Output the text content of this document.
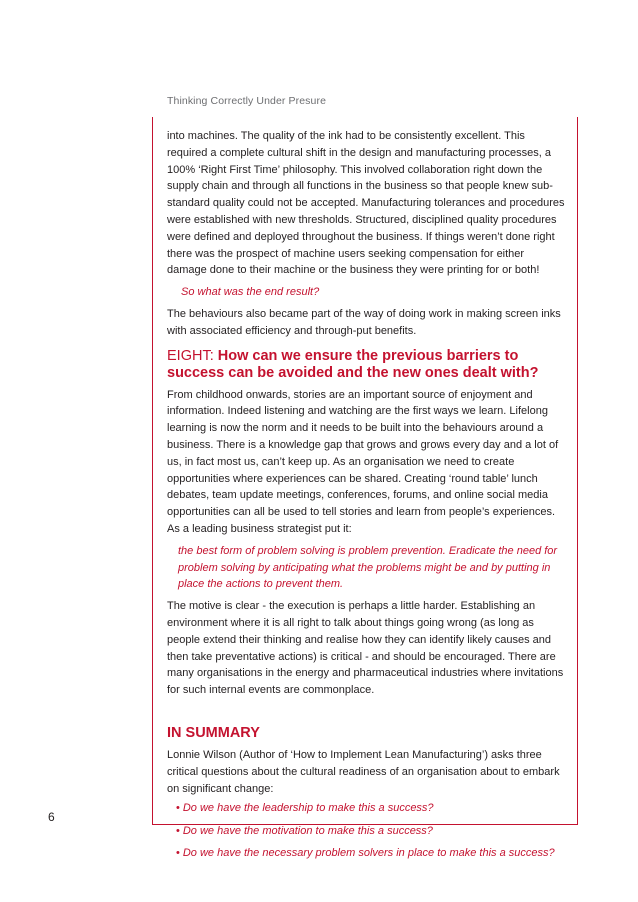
Thinking Correctly Under Presure

into machines. The quality of the ink had to be consistently excellent. This required a complete cultural shift in the design and manufacturing processes, a 100% ‘Right First Time’ philosophy. This involved collaboration right down the supply chain and through all functions in the business so that people knew sub-standard quality could not be accepted. Manufacturing tolerances and procedures were established with new thresholds. Structured, disciplined quality procedures were defined and deployed throughout the business. If things weren’t done right there was the prospect of machine users seeking compensation for either damage done to their machine or the business they were printing for or both!

So what was the end result?

The behaviours also became part of the way of doing work in making screen inks with associated efficiency and through-put benefits.

EIGHT: How can we ensure the previous barriers to success can be avoided and the new ones dealt with?

From childhood onwards, stories are an important source of enjoyment and information. Indeed listening and watching are the first ways we learn. Lifelong learning is now the norm and it needs to be built into the behaviours around a business. There is a knowledge gap that grows and grows every day and a lot of us, in fact most us, can’t keep up. As an organisation we need to create opportunities where experiences can be shared. Creating ‘round table’ lunch debates, team update meetings, conferences, forums, and online social media opportunities can all be used to tell stories and learn from people’s experiences. As a leading business strategist put it:

the best form of problem solving is problem prevention. Eradicate the need for problem solving by anticipating what the problems might be and by putting in place the actions to prevent them.

The motive is clear - the execution is perhaps a little harder. Establishing an environment where it is all right to talk about things going wrong (as long as people extend their thinking and realise how they can identify likely causes and then take preventative actions) is critical - and should be encouraged. There are many organisations in the energy and pharmaceutical industries where invitations for such internal events are commonplace.

IN SUMMARY

Lonnie Wilson (Author of ‘How to Implement Lean Manufacturing’) asks three critical questions about the cultural readiness of an organisation about to embark on significant change:

• Do we have the leadership to make this a success?
• Do we have the motivation to make this a success?
• Do we have the necessary problem solvers in place to make this a success?
6
